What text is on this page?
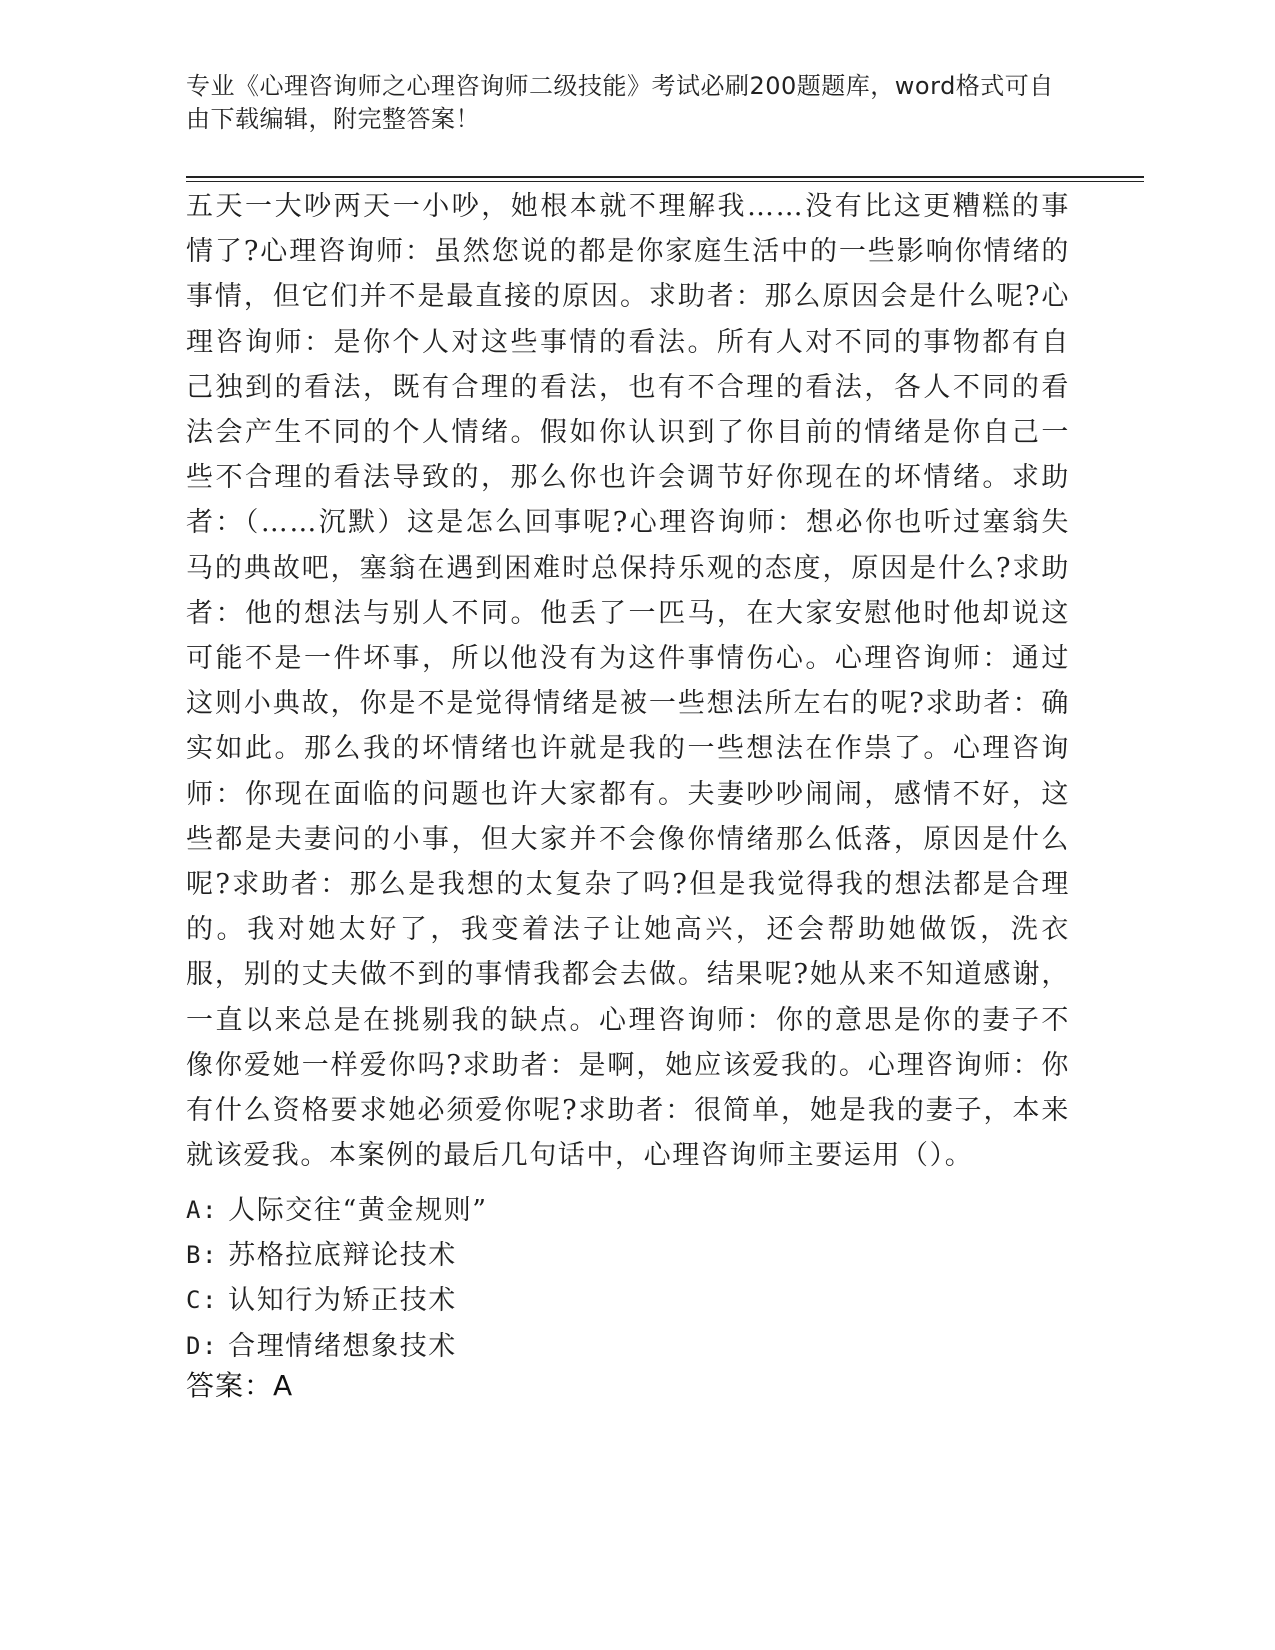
专业《心理咨询师之心理咨询师二级技能》考试必刷200题题库，word格式可自由下载编辑，附完整答案！
五天一大吵两天一小吵，她根本就不理解我……没有比这更糟糕的事情了?心理咨询师：虽然您说的都是你家庭生活中的一些影响你情绪的事情，但它们并不是最直接的原因。求助者：那么原因会是什么呢?心理咨询师：是你个人对这些事情的看法。所有人对不同的事物都有自己独到的看法，既有合理的看法，也有不合理的看法，各人不同的看法会产生不同的个人情绪。假如你认识到了你目前的情绪是你自己一些不合理的看法导致的，那么你也许会调节好你现在的坏情绪。求助者：（……沉默）这是怎么回事呢?心理咨询师：想必你也听过塞翁失马的典故吧，塞翁在遇到困难时总保持乐观的态度，原因是什么?求助者：他的想法与别人不同。他丢了一匹马，在大家安慰他时他却说这可能不是一件坏事，所以他没有为这件事情伤心。心理咨询师：通过这则小典故，你是不是觉得情绪是被一些想法所左右的呢?求助者：确实如此。那么我的坏情绪也许就是我的一些想法在作祟了。心理咨询师：你现在面临的问题也许大家都有。夫妻吵吵闹闹，感情不好，这些都是夫妻问的小事，但大家并不会像你情绪那么低落，原因是什么呢?求助者：那么是我想的太复杂了吗?但是我觉得我的想法都是合理的。我对她太好了，我变着法子让她高兴，还会帮助她做饭，洗衣服，别的丈夫做不到的事情我都会去做。结果呢?她从来不知道感谢，一直以来总是在挑剔我的缺点。心理咨询师：你的意思是你的妻子不像你爱她一样爱你吗?求助者：是啊，她应该爱我的。心理咨询师：你有什么资格要求她必须爱你呢?求助者：很简单，她是我的妻子，本来就该爱我。本案例的最后几句话中，心理咨询师主要运用（）。
A: 人际交往“黄金规则”
B: 苏格拉底辩论技术
C: 认知行为矫正技术
D: 合理情绪想象技术
答案：A
